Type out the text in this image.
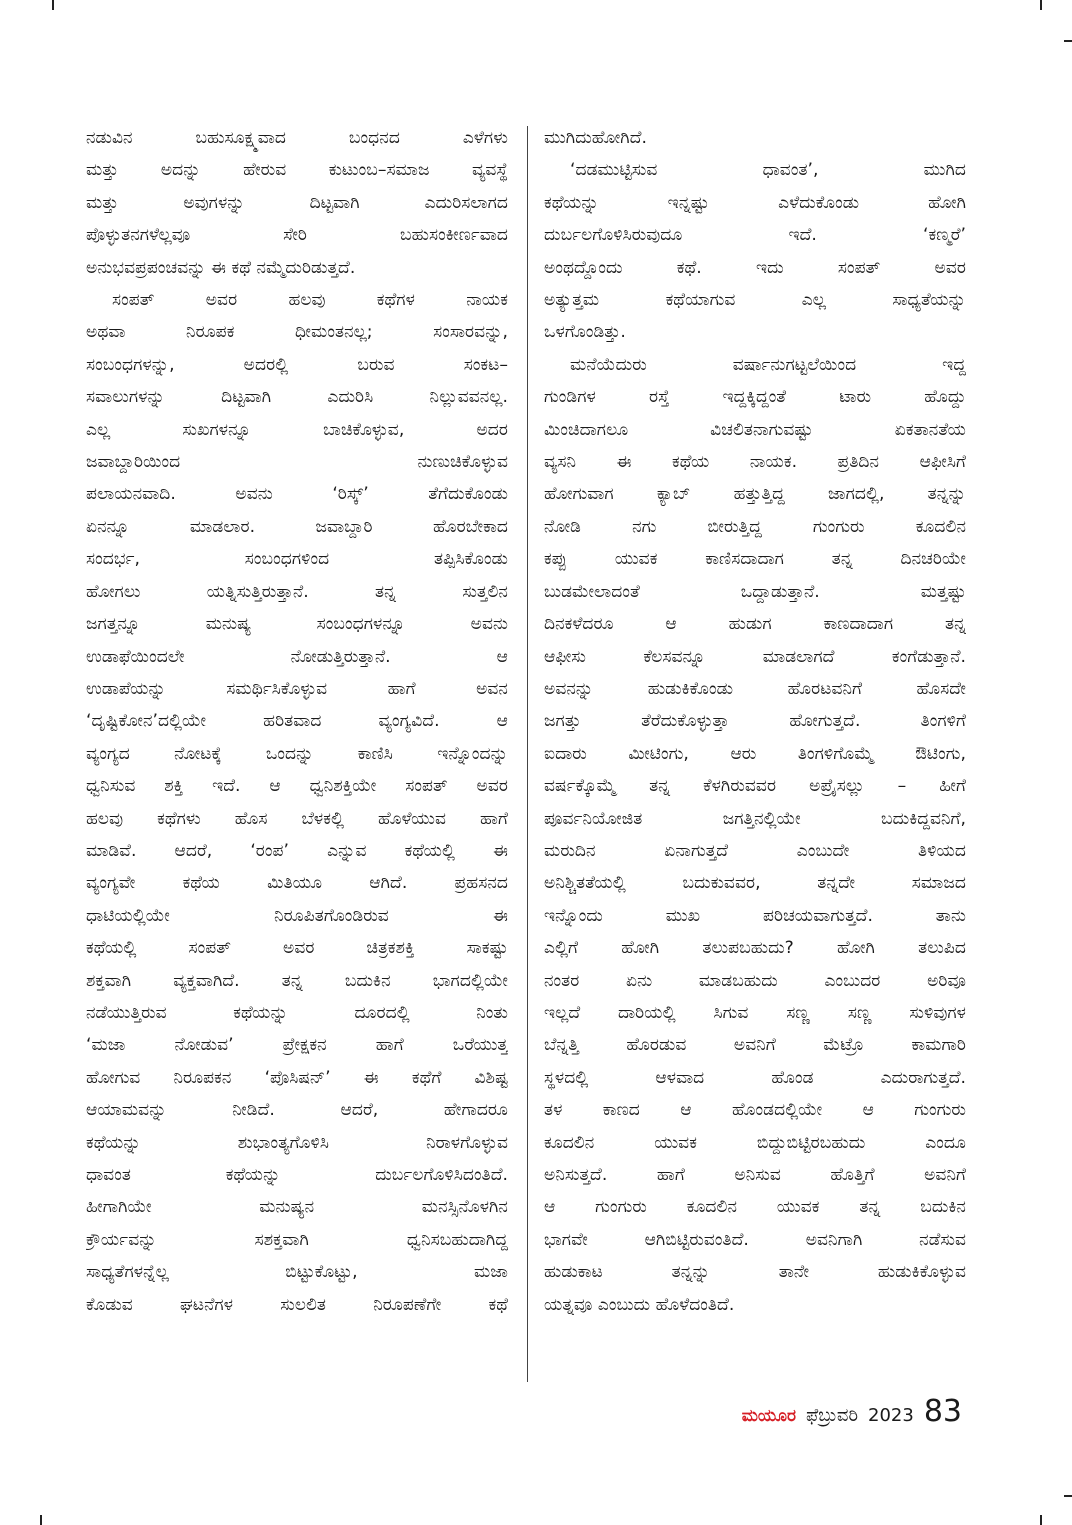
ನಡುವಿನ ಬಹುಸೂಕ್ಷ್ಮವಾದ ಬಂಧನದ ಎಳೆಗಳು
ಮತ್ತು ಅದನ್ನು ಹೇರುವ ಕುಟುಂಬ–ಸಮಾಜ ವ್ಯವಸ್ಥೆ
ಮತ್ತು ಅವುಗಳನ್ನು ದಿಟ್ಟವಾಗಿ ಎದುರಿಸಲಾಗದ
ಪೊಳ್ಳುತನಗಳೆಲ್ಲವೂ ಸೇರಿ ಬಹುಸಂಕೀರ್ಣವಾದ
ಅನುಭವಪ್ರಪಂಚವನ್ನು ಈ ಕಥೆ ನಮ್ಮೆದುರಿಡುತ್ತದೆ.
ಸಂಪತ್ ಅವರ ಹಲವು ಕಥೆಗಳ ನಾಯಕ
ಅಥವಾ ನಿರೂಪಕ ಧೀಮಂತನಲ್ಲ; ಸಂಸಾರವನ್ನು,
ಸಂಬಂಧಗಳನ್ನು, ಅದರಲ್ಲಿ ಬರುವ ಸಂಕಟ–
ಸವಾಲುಗಳನ್ನು ದಿಟ್ಟವಾಗಿ ಎದುರಿಸಿ ನಿಲ್ಲುವವನಲ್ಲ.
ಎಲ್ಲ ಸುಖಗಳನ್ನೂ ಬಾಚಿಕೊಳ್ಳುವ, ಅದರ
ಜವಾಬ್ದಾರಿಯಿಂದ ನುಣುಚಿಕೊಳ್ಳುವ
ಪಲಾಯನವಾದಿ. ಅವನು ‘ರಿಸ್ಕ್’ ತೆಗೆದುಕೊಂಡು
ಏನನ್ನೂ ಮಾಡಲಾರ. ಜವಾಬ್ದಾರಿ ಹೊರಬೇಕಾದ
ಸಂದರ್ಭ, ಸಂಬಂಧಗಳಿಂದ ತಪ್ಪಿಸಿಕೊಂಡು
ಹೋಗಲು ಯತ್ನಿಸುತ್ತಿರುತ್ತಾನೆ. ತನ್ನ ಸುತ್ತಲಿನ
ಜಗತ್ತನ್ನೂ ಮನುಷ್ಯ ಸಂಬಂಧಗಳನ್ನೂ ಅವನು
ಉಡಾಫೆಯಿಂದಲೇ ನೋಡುತ್ತಿರುತ್ತಾನೆ. ಆ
ಉಡಾಪೆಯನ್ನು ಸಮರ್ಥಿಸಿಕೊಳ್ಳುವ ಹಾಗೆ ಅವನ
‘ದೃಷ್ಟಿಕೋನ’ದಲ್ಲಿಯೇ ಹರಿತವಾದ ವ್ಯಂಗ್ಯವಿದೆ. ಆ
ವ್ಯಂಗ್ಯದ ನೋಟಕ್ಕೆ ಒಂದನ್ನು ಕಾಣಿಸಿ ಇನ್ನೊಂದನ್ನು
ಧ್ವನಿಸುವ ಶಕ್ತಿ ಇದೆ. ಆ ಧ್ವನಿಶಕ್ತಿಯೇ ಸಂಪತ್ ಅವರ
ಹಲವು ಕಥೆಗಳು ಹೊಸ ಬೆಳಕಲ್ಲಿ ಹೊಳೆಯುವ ಹಾಗೆ
ಮಾಡಿವೆ. ಆದರೆ, ‘ರಂಪ’ ಎನ್ನುವ ಕಥೆಯಲ್ಲಿ ಈ
ವ್ಯಂಗ್ಯವೇ ಕಥೆಯ ಮಿತಿಯೂ ಆಗಿದೆ. ಪ್ರಹಸನದ
ಧಾಟಿಯಲ್ಲಿಯೇ ನಿರೂಪಿತಗೊಂಡಿರುವ ಈ
ಕಥೆಯಲ್ಲಿ ಸಂಪತ್ ಅವರ ಚಿತ್ರಕಶಕ್ತಿ ಸಾಕಷ್ಟು
ಶಕ್ತವಾಗಿ ವ್ಯಕ್ತವಾಗಿದೆ. ತನ್ನ ಬದುಕಿನ ಭಾಗದಲ್ಲಿಯೇ
ನಡೆಯುತ್ತಿರುವ ಕಥೆಯನ್ನು ದೂರದಲ್ಲಿ ನಿಂತು
‘ಮಜಾ ನೋಡುವ’ ಪ್ರೇಕ್ಷಕನ ಹಾಗೆ ಒರೆಯುತ್ತ
ಹೋಗುವ ನಿರೂಪಕನ ‘ಪೊಸಿಷನ್’ ಈ ಕಥೆಗೆ ವಿಶಿಷ್ಟ
ಆಯಾಮವನ್ನು ನೀಡಿದೆ. ಆದರೆ, ಹೇಗಾದರೂ
ಕಥೆಯನ್ನು ಶುಭಾಂತ್ಯಗೊಳಿಸಿ ನಿರಾಳಗೊಳ್ಳುವ
ಧಾವಂತ ಕಥೆಯನ್ನು ದುರ್ಬಲಗೊಳಿಸಿದಂತಿದೆ.
ಹೀಗಾಗಿಯೇ ಮನುಷ್ಯನ ಮನಸ್ಸಿನೊಳಗಿನ
ಕ್ರೌರ್ಯವನ್ನು ಸಶಕ್ತವಾಗಿ ಧ್ವನಿಸಬಹುದಾಗಿದ್ದ
ಸಾಧ್ಯತೆಗಳನ್ನೆಲ್ಲ ಬಿಟ್ಟುಕೊಟ್ಟು, ಮಜಾ
ಕೊಡುವ ಘಟನೆಗಳ ಸುಲಲಿತ ನಿರೂಪಣೆಗೇ ಕಥೆ
ಮುಗಿದುಹೋಗಿದೆ.
‘ದಡಮುಟ್ಟಿಸುವ ಧಾವಂತ’, ಮುಗಿದ
ಕಥೆಯನ್ನು ಇನ್ನಷ್ಟು ಎಳೆದುಕೊಂಡು ಹೋಗಿ
ದುರ್ಬಲಗೊಳಿಸಿರುವುದೂ ಇದೆ. ‘ಕಣ್ಮರೆ’
ಅಂಥದ್ದೊಂದು ಕಥೆ. ಇದು ಸಂಪತ್ ಅವರ
ಅತ್ಯುತ್ತಮ ಕಥೆಯಾಗುವ ಎಲ್ಲ ಸಾಧ್ಯತೆಯನ್ನು
ಒಳಗೊಂಡಿತ್ತು.
ಮನೆಯೆದುರು ವರ್ಷಾನುಗಟ್ಟಲೆಯಿಂದ ಇದ್ದ
ಗುಂಡಿಗಳ ರಸ್ತೆ ಇದ್ದಕ್ಕಿದ್ದಂತೆ ಟಾರು ಹೊದ್ದು
ಮಿಂಚಿದಾಗಲೂ ವಿಚಲಿತನಾಗುವಷ್ಟು ಏಕತಾನತೆಯ
ವ್ಯಸನಿ ಈ ಕಥೆಯ ನಾಯಕ. ಪ್ರತಿದಿನ ಆಫೀಸಿಗೆ
ಹೋಗುವಾಗ ಕ್ಯಾಬ್ ಹತ್ತುತ್ತಿದ್ದ ಜಾಗದಲ್ಲಿ, ತನ್ನನ್ನು
ನೋಡಿ ನಗು ಬೀರುತ್ತಿದ್ದ ಗುಂಗುರು ಕೂದಲಿನ
ಕಪ್ಪು ಯುವಕ ಕಾಣಿಸದಾದಾಗ ತನ್ನ ದಿನಚರಿಯೇ
ಬುಡಮೇಲಾದಂತೆ ಒದ್ದಾಡುತ್ತಾನೆ. ಮತ್ತಷ್ಟು
ದಿನಕಳೆದರೂ ಆ ಹುಡುಗ ಕಾಣದಾದಾಗ ತನ್ನ
ಆಫೀಸು ಕೆಲಸವನ್ನೂ ಮಾಡಲಾಗದೆ ಕಂಗೆಡುತ್ತಾನೆ.
ಅವನನ್ನು ಹುಡುಕಿಕೊಂಡು ಹೊರಟವನಿಗೆ ಹೊಸದೇ
ಜಗತ್ತು ತೆರೆದುಕೊಳ್ಳುತ್ತಾ ಹೋಗುತ್ತದೆ. ತಿಂಗಳಿಗೆ
ಐದಾರು ಮೀಟಿಂಗು, ಆರು ತಿಂಗಳಿಗೊಮ್ಮೆ ಔಟಿಂಗು,
ವರ್ಷಕ್ಕೊಮ್ಮೆ ತನ್ನ ಕೆಳಗಿರುವವರ ಅಪ್ರೈಸಲ್ಲು – ಹೀಗೆ
ಪೂರ್ವನಿಯೋಜಿತ ಜಗತ್ತಿನಲ್ಲಿಯೇ ಬದುಕಿದ್ದವನಿಗೆ,
ಮರುದಿನ ಏನಾಗುತ್ತದೆ ಎಂಬುದೇ ತಿಳಿಯದ
ಅನಿಶ್ಚಿತತೆಯಲ್ಲಿ ಬದುಕುವವರ, ತನ್ನದೇ ಸಮಾಜದ
ಇನ್ನೊಂದು ಮುಖ ಪರಿಚಯವಾಗುತ್ತದೆ. ತಾನು
ಎಲ್ಲಿಗೆ ಹೋಗಿ ತಲುಪಬಹುದು? ಹೋಗಿ ತಲುಪಿದ
ನಂತರ ಏನು ಮಾಡಬಹುದು ಎಂಬುದರ ಅರಿವೂ
ಇಲ್ಲದೆ ದಾರಿಯಲ್ಲಿ ಸಿಗುವ ಸಣ್ಣ ಸಣ್ಣ ಸುಳಿವುಗಳ
ಬೆನ್ನತ್ತಿ ಹೊರಡುವ ಅವನಿಗೆ ಮೆಟ್ರೊ ಕಾಮಗಾರಿ
ಸ್ಥಳದಲ್ಲಿ ಆಳವಾದ ಹೊಂಡ ಎದುರಾಗುತ್ತದೆ.
ತಳ ಕಾಣದ ಆ ಹೊಂಡದಲ್ಲಿಯೇ ಆ ಗುಂಗುರು
ಕೂದಲಿನ ಯುವಕ ಬಿದ್ದುಬಿಟ್ಟಿರಬಹುದು ಎಂದೂ
ಅನಿಸುತ್ತದೆ. ಹಾಗೆ ಅನಿಸುವ ಹೊತ್ತಿಗೆ ಅವನಿಗೆ
ಆ ಗುಂಗುರು ಕೂದಲಿನ ಯುವಕ ತನ್ನ ಬದುಕಿನ
ಭಾಗವೇ ಆಗಿಬಿಟ್ಟಿರುವಂತಿದೆ. ಅವನಿಗಾಗಿ ನಡೆಸುವ
ಹುಡುಕಾಟ ತನ್ನನ್ನು ತಾನೇ ಹುಡುಕಿಕೊಳ್ಳುವ
ಯತ್ನವೂ ಎಂಬುದು ಹೊಳೆದಂತಿದೆ.
ಮಯೂರ ಫೆಬ್ರುವರಿ 2023 83
